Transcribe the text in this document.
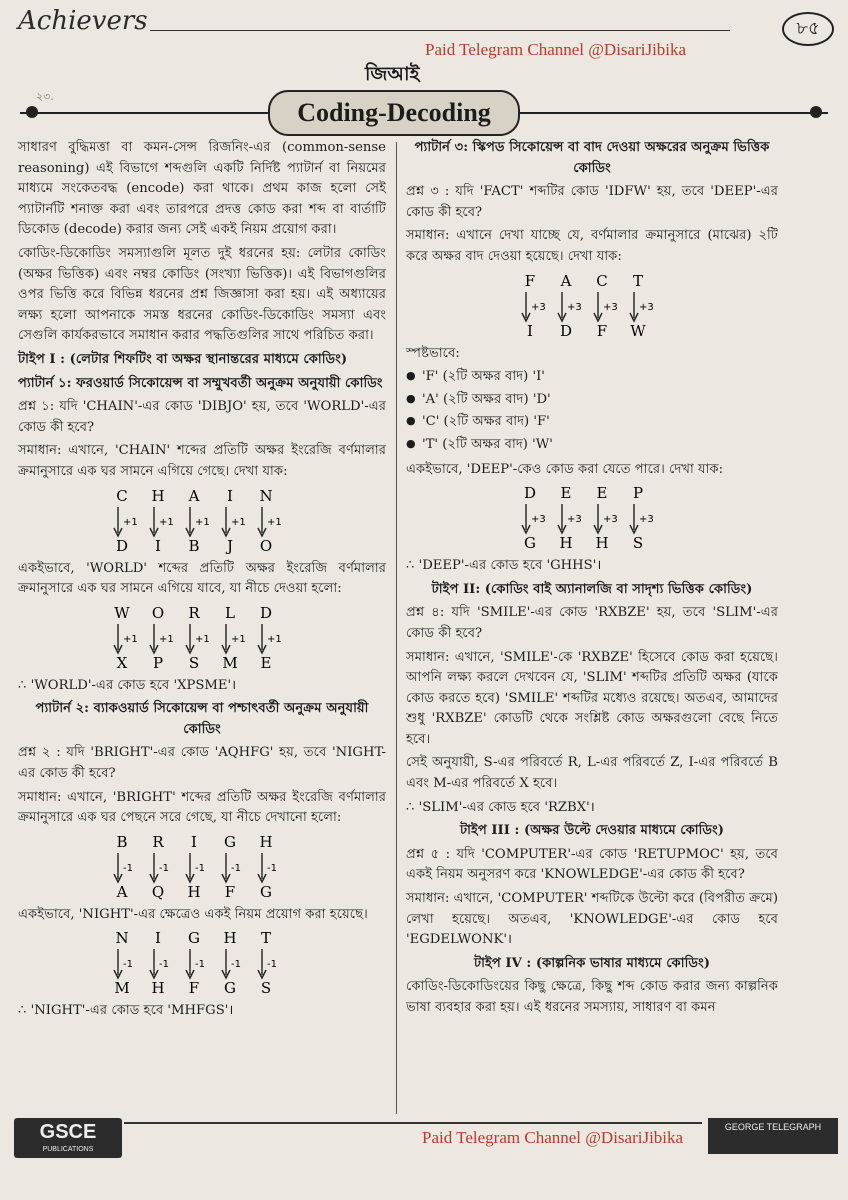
Achievers	৮৫
Paid Telegram Channel @DisariJibika
জিআই
২৩.
Coding-Decoding

সাধারণ বুদ্ধিমত্তা বা কমন-সেন্স রিজনিং-এর (common-sense reasoning) এই বিভাগে শব্দগুলি একটি নির্দিষ্ট প্যাটার্ন বা নিয়মের মাধ্যমে সংকেতবদ্ধ (encode) করা থাকে। প্রথম কাজ হলো সেই প্যাটার্নটি শনাক্ত করা এবং তারপরে প্রদত্ত কোড করা শব্দ বা বার্তাটি ডিকোড (decode) করার জন্য সেই একই নিয়ম প্রয়োগ করা।

কোডিং-ডিকোডিং সমস্যাগুলি মূলত দুই ধরনের হয়: লেটার কোডিং (অক্ষর ভিত্তিক) এবং নম্বর কোডিং (সংখ্যা ভিত্তিক)। এই বিভাগগুলির ওপর ভিত্তি করে বিভিন্ন ধরনের প্রশ্ন জিজ্ঞাসা করা হয়। এই অধ্যায়ের লক্ষ্য হলো আপনাকে সমস্ত ধরনের কোডিং-ডিকোডিং সমস্যা এবং সেগুলি কার্যকরভাবে সমাধান করার পদ্ধতিগুলির সাথে পরিচিত করা।

টাইপ I : (লেটার শিফটিং বা অক্ষর স্থানান্তরের মাধ্যমে কোডিং)

প্যাটার্ন ১: ফরওয়ার্ড সিকোয়েন্স বা সম্মুখবর্তী অনুক্রম অনুযায়ী কোডিং

প্রশ্ন ১: যদি 'CHAIN'-এর কোড 'DIBJO' হয়, তবে 'WORLD'-এর কোড কী হবে?

সমাধান: এখানে, 'CHAIN' শব্দের প্রতিটি অক্ষর ইংরেজি বর্ণমালার ক্রমানুসারে এক ঘর সামনে এগিয়ে গেছে। দেখা যাক:

C
+1
D
H
+1
I
A
+1
B
I
+1
J
N
+1
O

একইভাবে, 'WORLD' শব্দের প্রতিটি অক্ষর ইংরেজি বর্ণমালার ক্রমানুসারে এক ঘর সামনে এগিয়ে যাবে, যা নীচে দেওয়া হলো:

W
+1
X
O
+1
P
R
+1
S
L
+1
M
D
+1
E

∴ 'WORLD'-এর কোড হবে 'XPSME'।

প্যাটার্ন ২: ব্যাকওয়ার্ড সিকোয়েন্স বা পশ্চাৎবর্তী অনুক্রম অনুযায়ী কোডিং

প্রশ্ন ২ : যদি 'BRIGHT'-এর কোড 'AQHFG' হয়, তবে 'NIGHT-এর কোড কী হবে?

সমাধান: এখানে, 'BRIGHT' শব্দের প্রতিটি অক্ষর ইংরেজি বর্ণমালার ক্রমানুসারে এক ঘর পেছনে সরে গেছে, যা নীচে দেখানো হলো:

B
-1
A
R
-1
Q
I
-1
H
G
-1
F
H
-1
G

একইভাবে, 'NIGHT'-এর ক্ষেত্রেও একই নিয়ম প্রয়োগ করা হয়েছে।

N
-1
M
I
-1
H
G
-1
F
H
-1
G
T
-1
S

∴ 'NIGHT'-এর কোড হবে 'MHFGS'।

প্যাটার্ন ৩: স্কিপড সিকোয়েন্স বা বাদ দেওয়া অক্ষরের অনুক্রম ভিত্তিক কোডিং

প্রশ্ন ৩ : যদি 'FACT' শব্দটির কোড 'IDFW' হয়, তবে 'DEEP'-এর কোড কী হবে?

সমাধান: এখানে দেখা যাচ্ছে যে, বর্ণমালার ক্রমানুসারে (মাঝের) ২টি করে অক্ষর বাদ দেওয়া হয়েছে। দেখা যাক:

F
+3
I
A
+3
D
C
+3
F
T
+3
W

স্পষ্টভাবে:

● 'F' (২টি অক্ষর বাদ) 'I'
● 'A' (২টি অক্ষর বাদ) 'D'
● 'C' (২টি অক্ষর বাদ) 'F'
● 'T' (২টি অক্ষর বাদ) 'W'

একইভাবে, 'DEEP'-কেও কোড করা যেতে পারে। দেখা যাক:

D
+3
G
E
+3
H
E
+3
H
P
+3
S

∴ 'DEEP'-এর কোড হবে 'GHHS'।

টাইপ II: (কোডিং বাই অ্যানালজি বা সাদৃশ্য ভিত্তিক কোডিং)

প্রশ্ন ৪: যদি 'SMILE'-এর কোড 'RXBZE' হয়, তবে 'SLIM'-এর কোড কী হবে?

সমাধান: এখানে, 'SMILE'-কে 'RXBZE' হিসেবে কোড করা হয়েছে। আপনি লক্ষ্য করলে দেখবেন যে, 'SLIM' শব্দটির প্রতিটি অক্ষর (যাকে কোড করতে হবে) 'SMILE' শব্দটির মধ্যেও রয়েছে। অতএব, আমাদের শুধু 'RXBZE' কোডটি থেকে সংশ্লিষ্ট কোড অক্ষরগুলো বেছে নিতে হবে।

সেই অনুযায়ী, S-এর পরিবর্তে R, L-এর পরিবর্তে Z, I-এর পরিবর্তে B এবং M-এর পরিবর্তে X হবে।

∴ 'SLIM'-এর কোড হবে 'RZBX'।

টাইপ III : (অক্ষর উল্টে দেওয়ার মাধ্যমে কোডিং)

প্রশ্ন ৫ : যদি 'COMPUTER'-এর কোড 'RETUPMOC' হয়, তবে একই নিয়ম অনুসরণ করে 'KNOWLEDGE'-এর কোড কী হবে?

সমাধান: এখানে, 'COMPUTER' শব্দটিকে উল্টো করে (বিপরীত ক্রমে) লেখা হয়েছে। অতএব, 'KNOWLEDGE'-এর কোড হবে 'EGDELWONK'।

টাইপ IV : (কাল্পনিক ভাষার মাধ্যমে কোডিং)

কোডিং-ডিকোডিংয়ের কিছু ক্ষেত্রে, কিছু শব্দ কোড করার জন্য কাল্পনিক ভাষা ব্যবহার করা হয়। এই ধরনের সমস্যায়, সাধারণ বা কমন

GSCE
PUBLICATIONS
Paid Telegram Channel @DisariJibika
GEORGE TELEGRAPH
